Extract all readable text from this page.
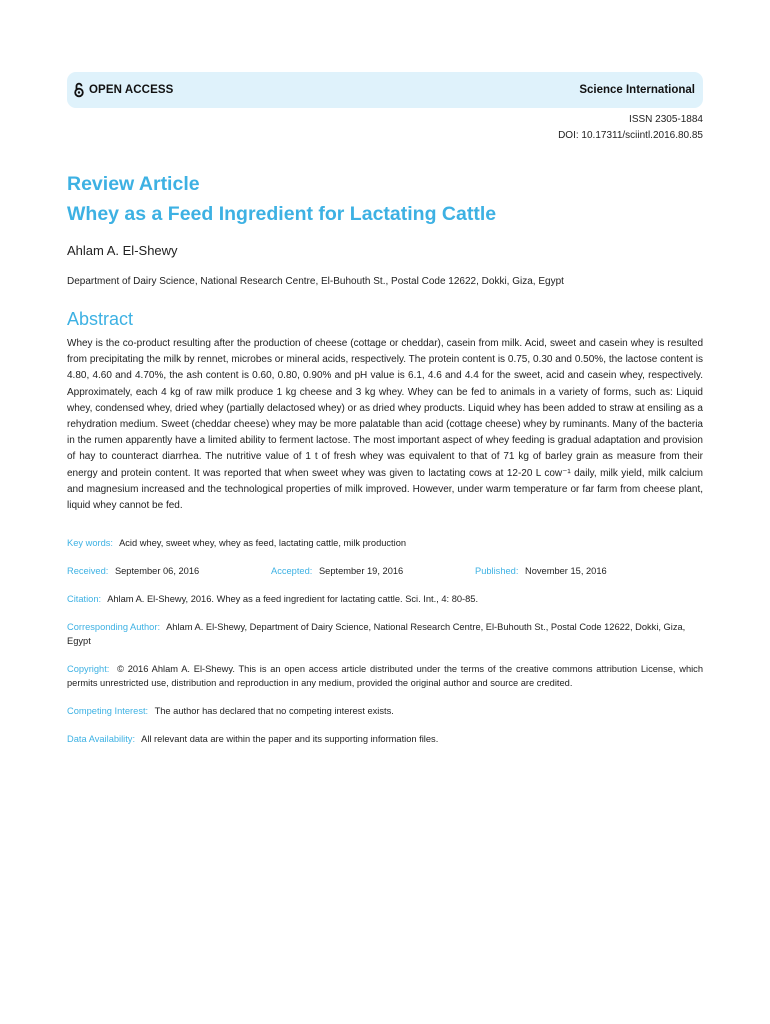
OPEN ACCESS	Science International
ISSN 2305-1884
DOI: 10.17311/sciintl.2016.80.85
Review Article
Whey as a Feed Ingredient for Lactating Cattle
Ahlam A. El-Shewy
Department of Dairy Science, National Research Centre, El-Buhouth St., Postal Code 12622, Dokki, Giza, Egypt
Abstract
Whey is the co-product resulting after the production of cheese (cottage or cheddar), casein from milk. Acid, sweet and casein whey is resulted from precipitating the milk by rennet, microbes or mineral acids, respectively. The protein content is 0.75, 0.30 and 0.50%, the lactose content is 4.80, 4.60 and 4.70%, the ash content is 0.60, 0.80, 0.90% and pH value is 6.1, 4.6 and 4.4 for the sweet, acid and casein whey, respectively. Approximately, each 4 kg of raw milk produce 1 kg cheese and 3 kg whey. Whey can be fed to animals in a variety of forms, such as: Liquid whey, condensed whey, dried whey (partially delactosed whey) or as dried whey products. Liquid whey has been added to straw at ensiling as a rehydration medium. Sweet (cheddar cheese) whey may be more palatable than acid (cottage cheese) whey by ruminants. Many of the bacteria in the rumen apparently have a limited ability to ferment lactose. The most important aspect of whey feeding is gradual adaptation and provision of hay to counteract diarrhea. The nutritive value of 1 t of fresh whey was equivalent to that of 71 kg of barley grain as measure from their energy and protein content. It was reported that when sweet whey was given to lactating cows at 12-20 L cow⁻¹ daily, milk yield, milk calcium and magnesium increased and the technological properties of milk improved. However, under warm temperature or far farm from cheese plant, liquid whey cannot be fed.
Key words: Acid whey, sweet whey, whey as feed, lactating cattle, milk production
Received: September 06, 2016	Accepted: September 19, 2016	Published: November 15, 2016
Citation: Ahlam A. El-Shewy, 2016. Whey as a feed ingredient for lactating cattle. Sci. Int., 4: 80-85.
Corresponding Author: Ahlam A. El-Shewy, Department of Dairy Science, National Research Centre, El-Buhouth St., Postal Code 12622, Dokki, Giza, Egypt
Copyright: © 2016 Ahlam A. El-Shewy. This is an open access article distributed under the terms of the creative commons attribution License, which permits unrestricted use, distribution and reproduction in any medium, provided the original author and source are credited.
Competing Interest: The author has declared that no competing interest exists.
Data Availability: All relevant data are within the paper and its supporting information files.
